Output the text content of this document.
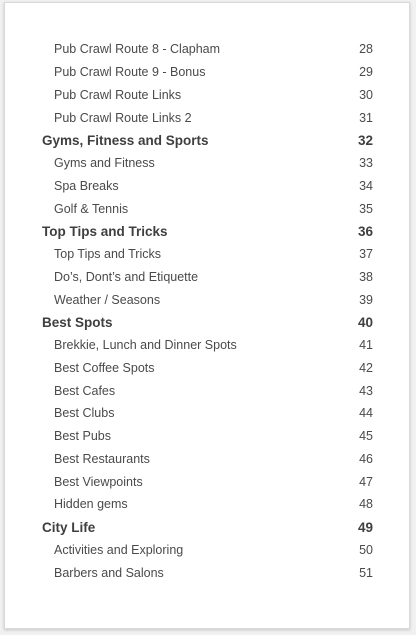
Pub Crawl Route 8 - Clapham	28
Pub Crawl Route 9 - Bonus	29
Pub Crawl Route Links	30
Pub Crawl Route Links 2	31
Gyms, Fitness and Sports	32
Gyms and Fitness	33
Spa Breaks	34
Golf & Tennis	35
Top Tips and Tricks	36
Top Tips and Tricks	37
Do’s, Dont’s and Etiquette	38
Weather / Seasons	39
Best Spots	40
Brekkie, Lunch and Dinner Spots	41
Best Coffee Spots	42
Best Cafes	43
Best Clubs	44
Best Pubs	45
Best Restaurants	46
Best Viewpoints	47
Hidden gems	48
City Life	49
Activities and Exploring	50
Barbers and Salons	51
